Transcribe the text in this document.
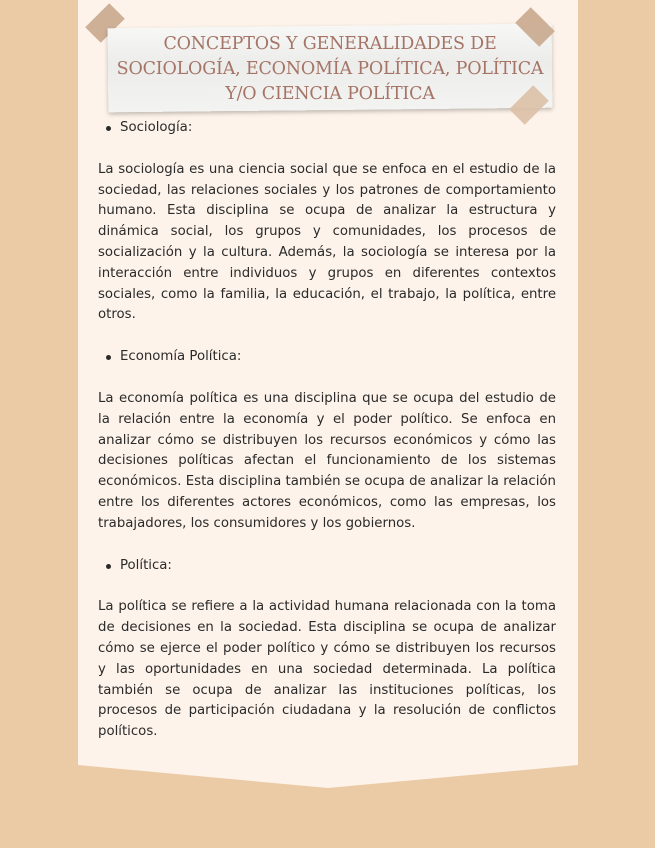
CONCEPTOS Y GENERALIDADES DE SOCIOLOGÍA, ECONOMÍA POLÍTICA, POLÍTICA Y/O CIENCIA POLÍTICA
Sociología:

La sociología es una ciencia social que se enfoca en el estudio de la sociedad, las relaciones sociales y los patrones de comportamiento humano. Esta disciplina se ocupa de analizar la estructura y dinámica social, los grupos y comunidades, los procesos de socialización y la cultura. Además, la sociología se interesa por la interacción entre individuos y grupos en diferentes contextos sociales, como la familia, la educación, el trabajo, la política, entre otros.

Economía Política:

La economía política es una disciplina que se ocupa del estudio de la relación entre la economía y el poder político. Se enfoca en analizar cómo se distribuyen los recursos económicos y cómo las decisiones políticas afectan el funcionamiento de los sistemas económicos. Esta disciplina también se ocupa de analizar la relación entre los diferentes actores económicos, como las empresas, los trabajadores, los consumidores y los gobiernos.

Política:

La política se refiere a la actividad humana relacionada con la toma de decisiones en la sociedad. Esta disciplina se ocupa de analizar cómo se ejerce el poder político y cómo se distribuyen los recursos y las oportunidades en una sociedad determinada. La política también se ocupa de analizar las instituciones políticas, los procesos de participación ciudadana y la resolución de conflictos políticos.
